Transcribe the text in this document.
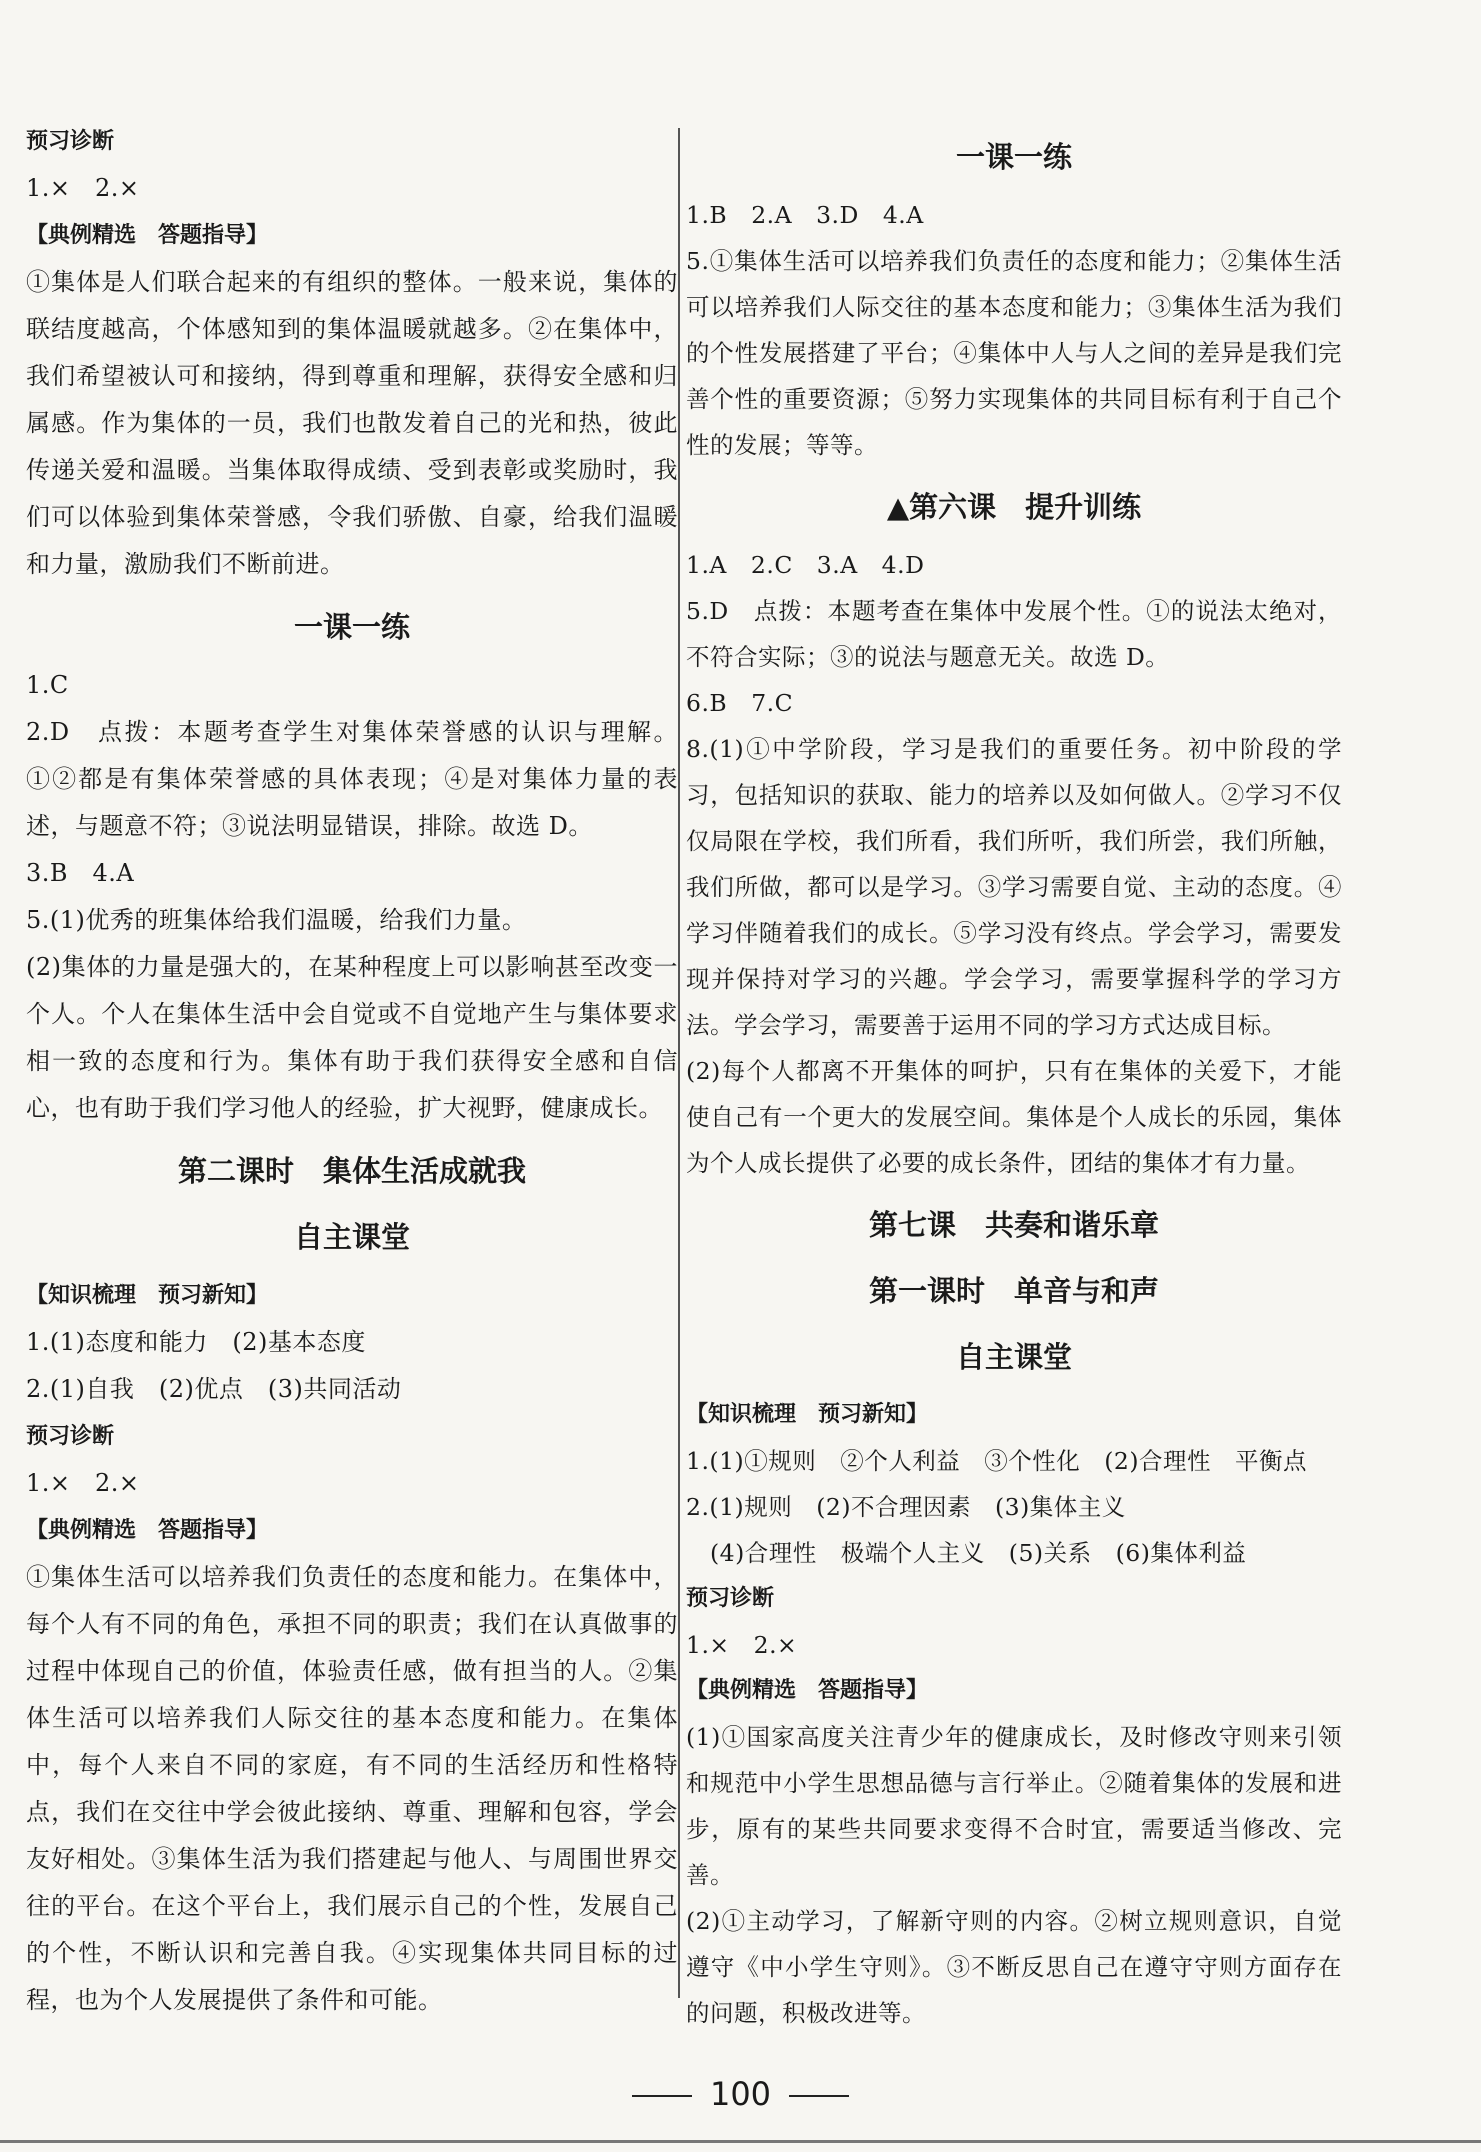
预习诊断
1.×　2.×
【典例精选　答题指导】
①集体是人们联合起来的有组织的整体。一般来说，集体的联结度越高，个体感知到的集体温暖就越多。②在集体中，我们希望被认可和接纳，得到尊重和理解，获得安全感和归属感。作为集体的一员，我们也散发着自己的光和热，彼此传递关爱和温暖。当集体取得成绩、受到表彰或奖励时，我们可以体验到集体荣誉感，令我们骄傲、自豪，给我们温暖和力量，激励我们不断前进。
一课一练
1.C
2.D　点拨：本题考查学生对集体荣誉感的认识与理解。①②都是有集体荣誉感的具体表现；④是对集体力量的表述，与题意不符；③说法明显错误，排除。故选 D。
3.B　4.A
5.(1)优秀的班集体给我们温暖，给我们力量。
(2)集体的力量是强大的，在某种程度上可以影响甚至改变一个人。个人在集体生活中会自觉或不自觉地产生与集体要求相一致的态度和行为。集体有助于我们获得安全感和自信心，也有助于我们学习他人的经验，扩大视野，健康成长。
第二课时　集体生活成就我
自主课堂
【知识梳理　预习新知】
1.(1)态度和能力　(2)基本态度
2.(1)自我　(2)优点　(3)共同活动
预习诊断
1.×　2.×
【典例精选　答题指导】
①集体生活可以培养我们负责任的态度和能力。在集体中，每个人有不同的角色，承担不同的职责；我们在认真做事的过程中体现自己的价值，体验责任感，做有担当的人。②集体生活可以培养我们人际交往的基本态度和能力。在集体中，每个人来自不同的家庭，有不同的生活经历和性格特点，我们在交往中学会彼此接纳、尊重、理解和包容，学会友好相处。③集体生活为我们搭建起与他人、与周围世界交往的平台。在这个平台上，我们展示自己的个性，发展自己的个性，不断认识和完善自我。④实现集体共同目标的过程，也为个人发展提供了条件和可能。
一课一练
1.B　2.A　3.D　4.A
5.①集体生活可以培养我们负责任的态度和能力；②集体生活可以培养我们人际交往的基本态度和能力；③集体生活为我们的个性发展搭建了平台；④集体中人与人之间的差异是我们完善个性的重要资源；⑤努力实现集体的共同目标有利于自己个性的发展；等等。
▲第六课　提升训练
1.A　2.C　3.A　4.D
5.D　点拨：本题考查在集体中发展个性。①的说法太绝对，不符合实际；③的说法与题意无关。故选 D。
6.B　7.C
8.(1)①中学阶段，学习是我们的重要任务。初中阶段的学习，包括知识的获取、能力的培养以及如何做人。②学习不仅仅局限在学校，我们所看，我们所听，我们所尝，我们所触，我们所做，都可以是学习。③学习需要自觉、主动的态度。④学习伴随着我们的成长。⑤学习没有终点。学会学习，需要发现并保持对学习的兴趣。学会学习，需要掌握科学的学习方法。学会学习，需要善于运用不同的学习方式达成目标。
(2)每个人都离不开集体的呵护，只有在集体的关爱下，才能使自己有一个更大的发展空间。集体是个人成长的乐园，集体为个人成长提供了必要的成长条件，团结的集体才有力量。
第七课　共奏和谐乐章
第一课时　单音与和声
自主课堂
【知识梳理　预习新知】
1.(1)①规则　②个人利益　③个性化　(2)合理性　平衡点
2.(1)规则　(2)不合理因素　(3)集体主义
　(4)合理性　极端个人主义　(5)关系　(6)集体利益
预习诊断
1.×　2.×
【典例精选　答题指导】
(1)①国家高度关注青少年的健康成长，及时修改守则来引领和规范中小学生思想品德与言行举止。②随着集体的发展和进步，原有的某些共同要求变得不合时宜，需要适当修改、完善。
(2)①主动学习，了解新守则的内容。②树立规则意识，自觉遵守《中小学生守则》。③不断反思自己在遵守守则方面存在的问题，积极改进等。
100
